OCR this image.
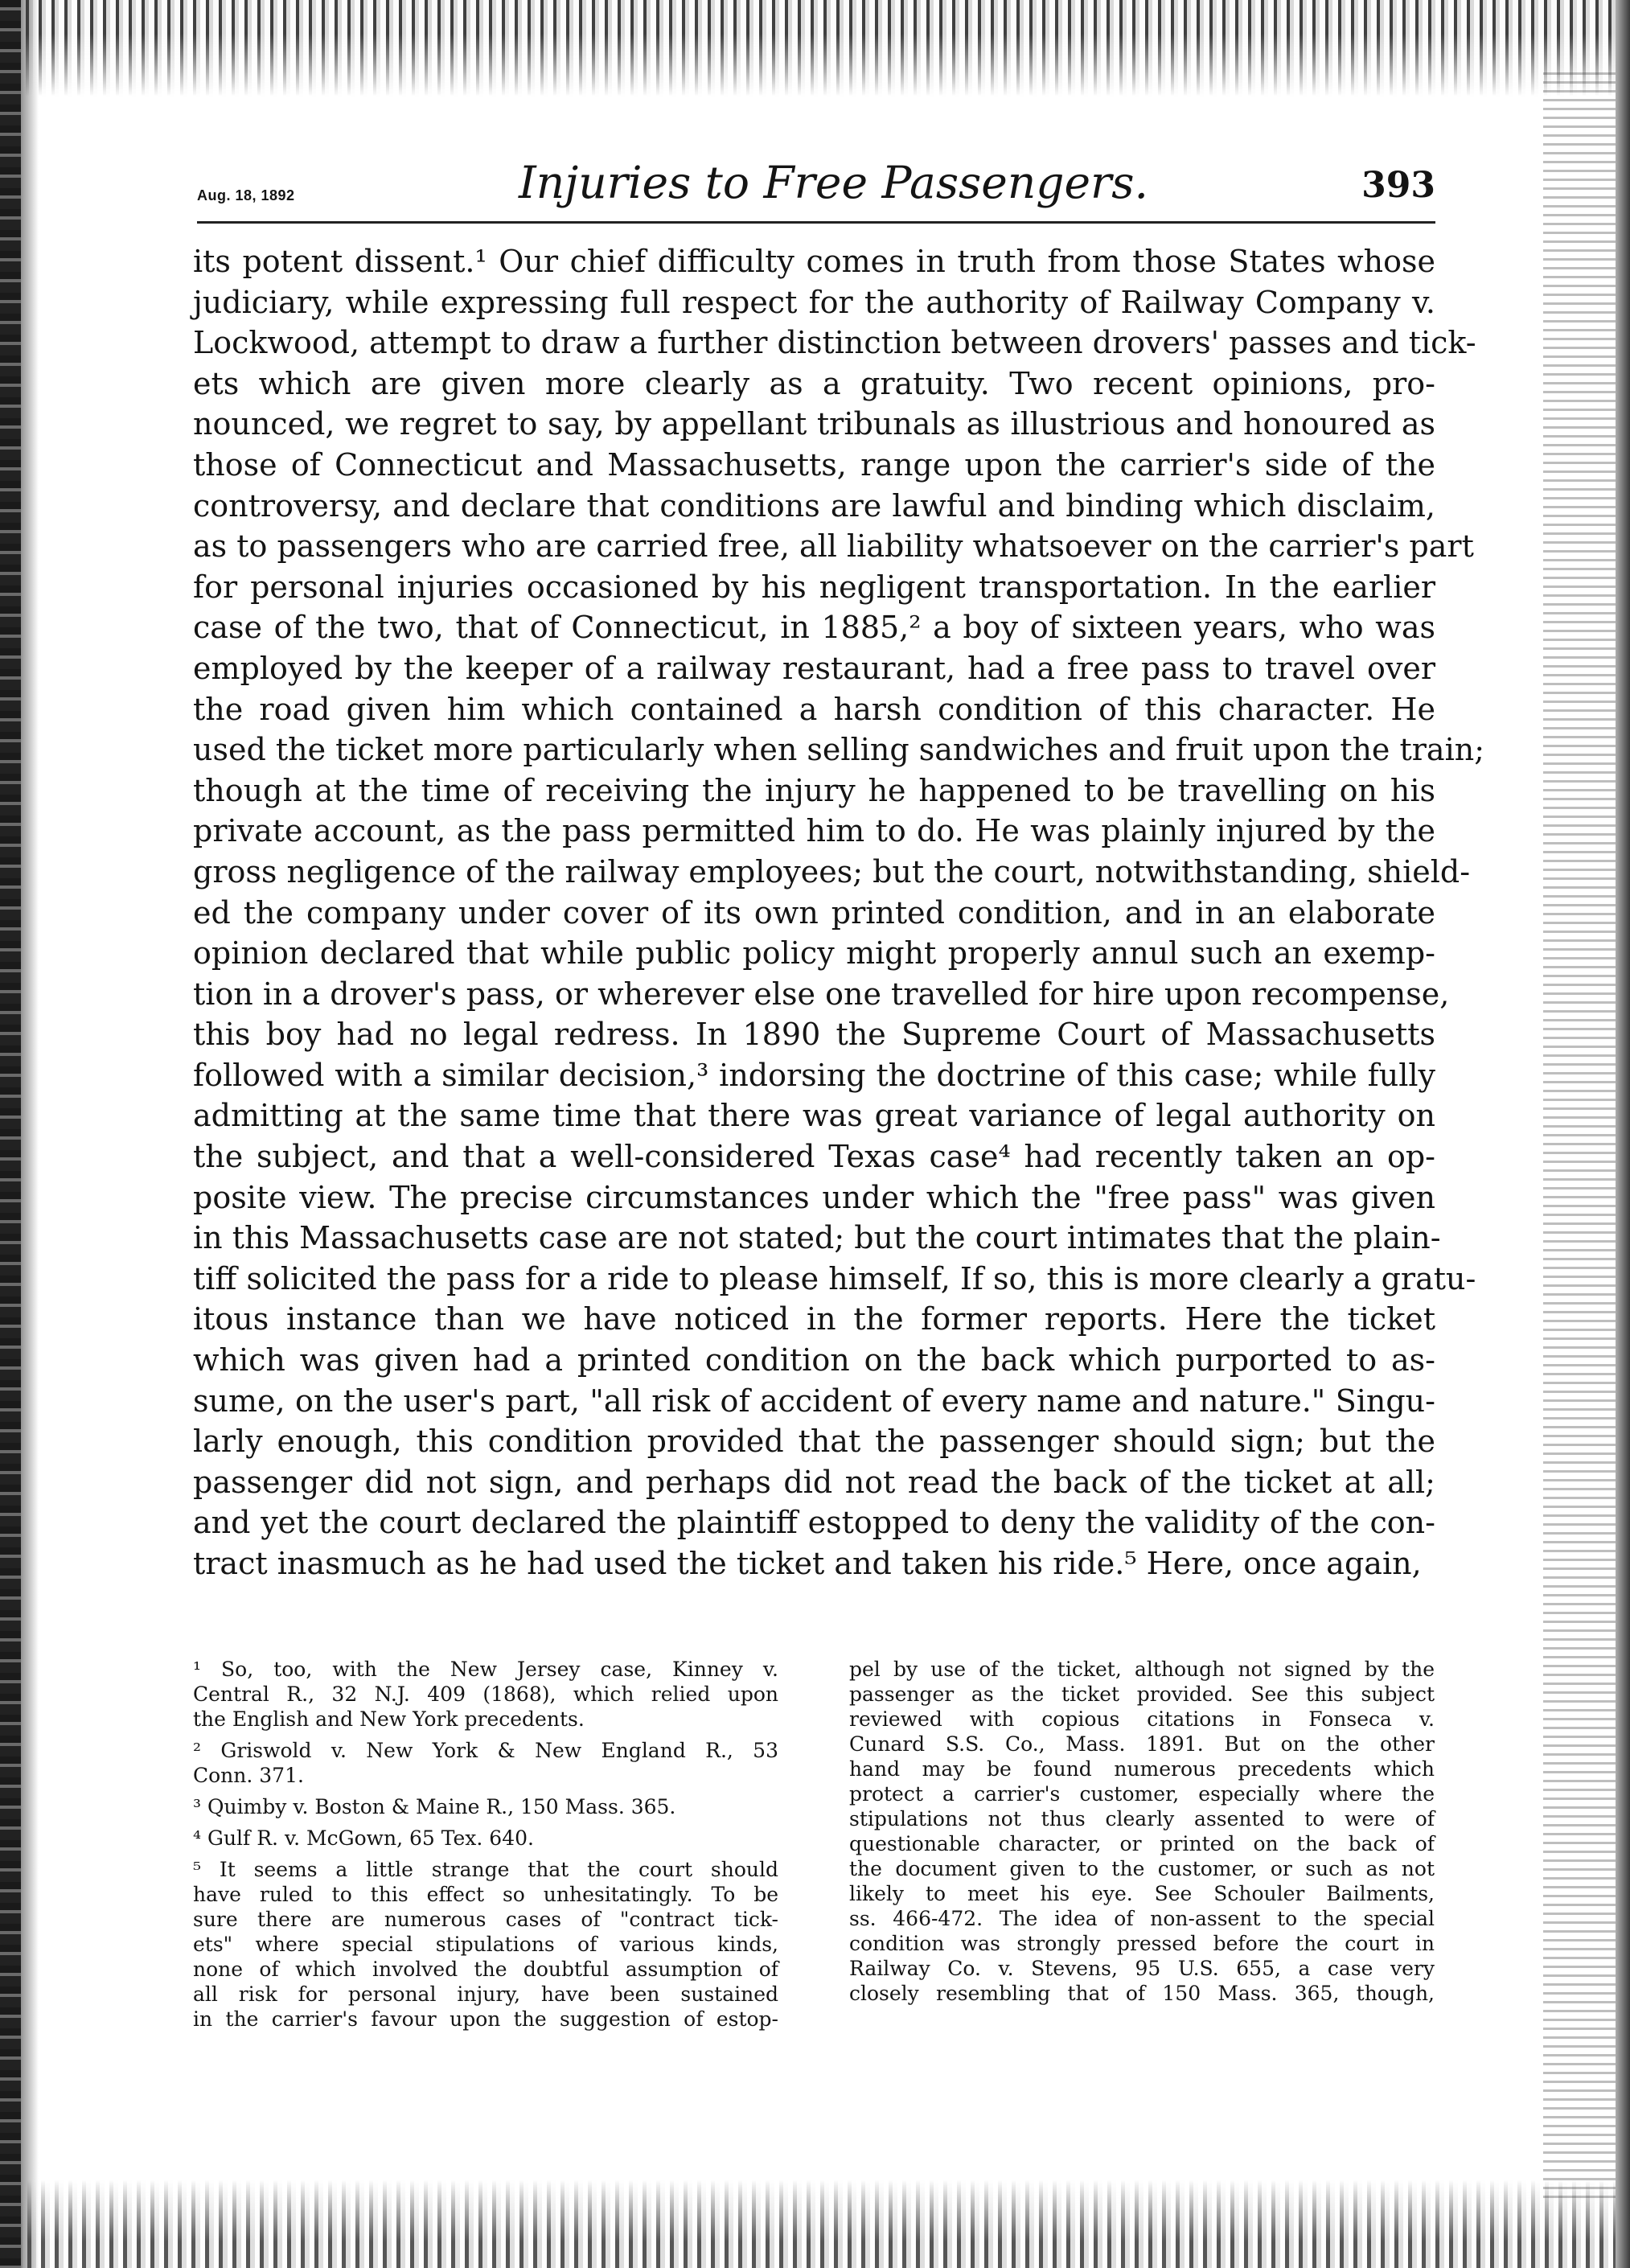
Aug. 18, 1892	Injuries to Free Passengers.	393
its potent dissent.¹ Our chief difficulty comes in truth from those States whose
judiciary, while expressing full respect for the authority of Railway Company v.
Lockwood, attempt to draw a further distinction between drovers' passes and tick-
ets which are given more clearly as a gratuity. Two recent opinions, pro-
nounced, we regret to say, by appellant tribunals as illustrious and honoured as
those of Connecticut and Massachusetts, range upon the carrier's side of the
controversy, and declare that conditions are lawful and binding which disclaim,
as to passengers who are carried free, all liability whatsoever on the carrier's part
for personal injuries occasioned by his negligent transportation. In the earlier
case of the two, that of Connecticut, in 1885,² a boy of sixteen years, who was
employed by the keeper of a railway restaurant, had a free pass to travel over
the road given him which contained a harsh condition of this character. He
used the ticket more particularly when selling sandwiches and fruit upon the train;
though at the time of receiving the injury he happened to be travelling on his
private account, as the pass permitted him to do. He was plainly injured by the
gross negligence of the railway employees; but the court, notwithstanding, shield-
ed the company under cover of its own printed condition, and in an elaborate
opinion declared that while public policy might properly annul such an exemp-
tion in a drover's pass, or wherever else one travelled for hire upon recompense,
this boy had no legal redress. In 1890 the Supreme Court of Massachusetts
followed with a similar decision,³ indorsing the doctrine of this case; while fully
admitting at the same time that there was great variance of legal authority on
the subject, and that a well-considered Texas case⁴ had recently taken an op-
posite view. The precise circumstances under which the "free pass" was given
in this Massachusetts case are not stated; but the court intimates that the plain-
tiff solicited the pass for a ride to please himself, If so, this is more clearly a gratu-
itous instance than we have noticed in the former reports. Here the ticket
which was given had a printed condition on the back which purported to as-
sume, on the user's part, "all risk of accident of every name and nature." Singu-
larly enough, this condition provided that the passenger should sign; but the
passenger did not sign, and perhaps did not read the back of the ticket at all;
and yet the court declared the plaintiff estopped to deny the validity of the con-
tract inasmuch as he had used the ticket and taken his ride.⁵ Here, once again,
¹ So, too, with the New Jersey case, Kinney v.
Central R., 32 N.J. 409 (1868), which relied upon
the English and New York precedents.
² Griswold v. New York & New England R., 53
Conn. 371.
³ Quimby v. Boston & Maine R., 150 Mass. 365.
⁴ Gulf R. v. McGown, 65 Tex. 640.
⁵ It seems a little strange that the court should
have ruled to this effect so unhesitatingly. To be
sure there are numerous cases of "contract tick-
ets" where special stipulations of various kinds,
none of which involved the doubtful assumption of
all risk for personal injury, have been sustained
in the carrier's favour upon the suggestion of estop-
pel by use of the ticket, although not signed by the
passenger as the ticket provided. See this subject
reviewed with copious citations in Fonseca v.
Cunard S.S. Co., Mass. 1891. But on the other
hand may be found numerous precedents which
protect a carrier's customer, especially where the
stipulations not thus clearly assented to were of
questionable character, or printed on the back of
the document given to the customer, or such as not
likely to meet his eye. See Schouler Bailments,
ss. 466-472. The idea of non-assent to the special
condition was strongly pressed before the court in
Railway Co. v. Stevens, 95 U.S. 655, a case very
closely resembling that of 150 Mass. 365, though,
